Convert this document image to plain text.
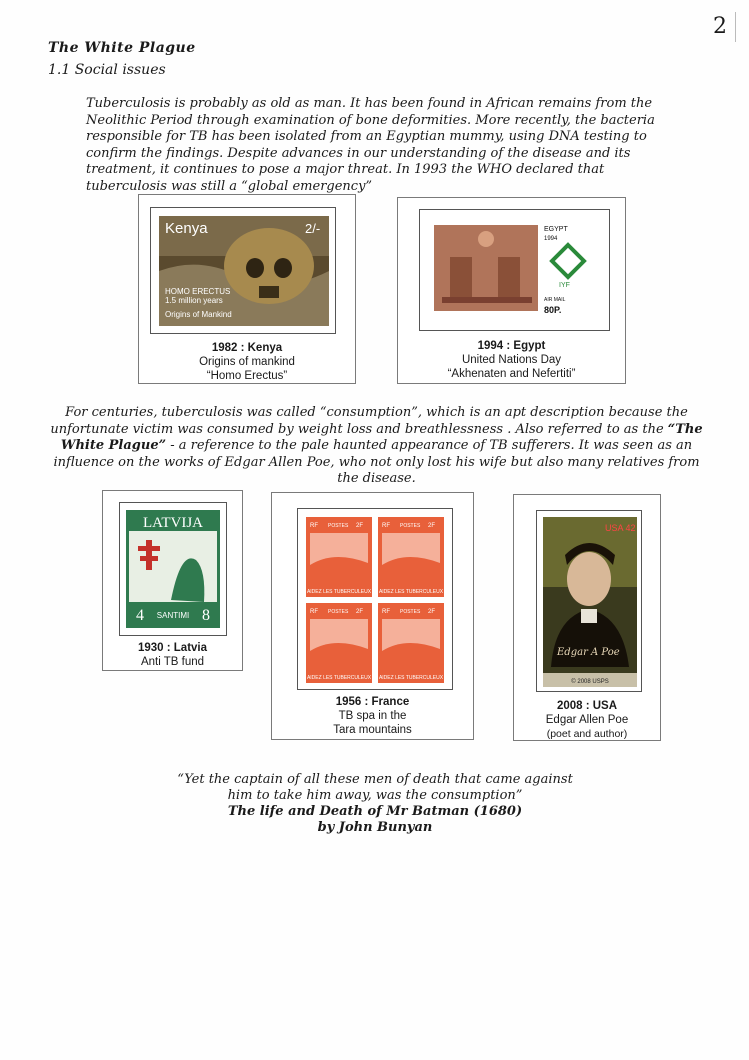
2
The White Plague
1.1 Social issues

Tuberculosis is probably as old as man. It has been found in African remains from the Neolithic Period through examination of bone deformities. More recently, the bacteria responsible for TB has been isolated from an Egyptian mummy, using DNA testing to confirm the findings. Despite advances in our understanding of the disease and its treatment, it continues to pose a major threat. In 1993 the WHO declared that tuberculosis was still a “global emergency”

Kenya	2/-
HOMO ERECTUS
1.5 million years
Origins of Mankind
1982 : Kenya
Origins of mankind
“Homo Erectus”
EGYPT
1994
IYF
AIR MAIL
80P.
1994 : Egypt
United Nations Day
“Akhenaten and Nefertiti”

For centuries, tuberculosis was called “consumption”, which is an apt description because the unfortunate victim was consumed by weight loss and breathlessness . Also referred to as the “The White Plague” - a reference to the pale haunted appearance of TB sufferers. It was seen as an influence on the works of Edgar Allen Poe, who not only lost his wife but also many relatives from the disease.

LATVIJA
4 SANTIMI 8
1930 : Latvia
Anti TB fund
AIDEZ LES TUBERCULEUX
RF POSTES 2F
AIDEZ LES TUBERCULEUX
RF POSTES 2F
AIDEZ LES TUBERCULEUX
RF POSTES 2F
AIDEZ LES TUBERCULEUX
RF POSTES 2F
1956 : France
TB spa in the
Tara mountains
USA 42
Edgar A Poe
© 2008 USPS
2008 : USA
Edgar Allen Poe
(poet and author)
“Yet the captain of all these men of death that came against
him to take him away, was the consumption”
The life and Death of Mr Batman (1680)
by John Bunyan
